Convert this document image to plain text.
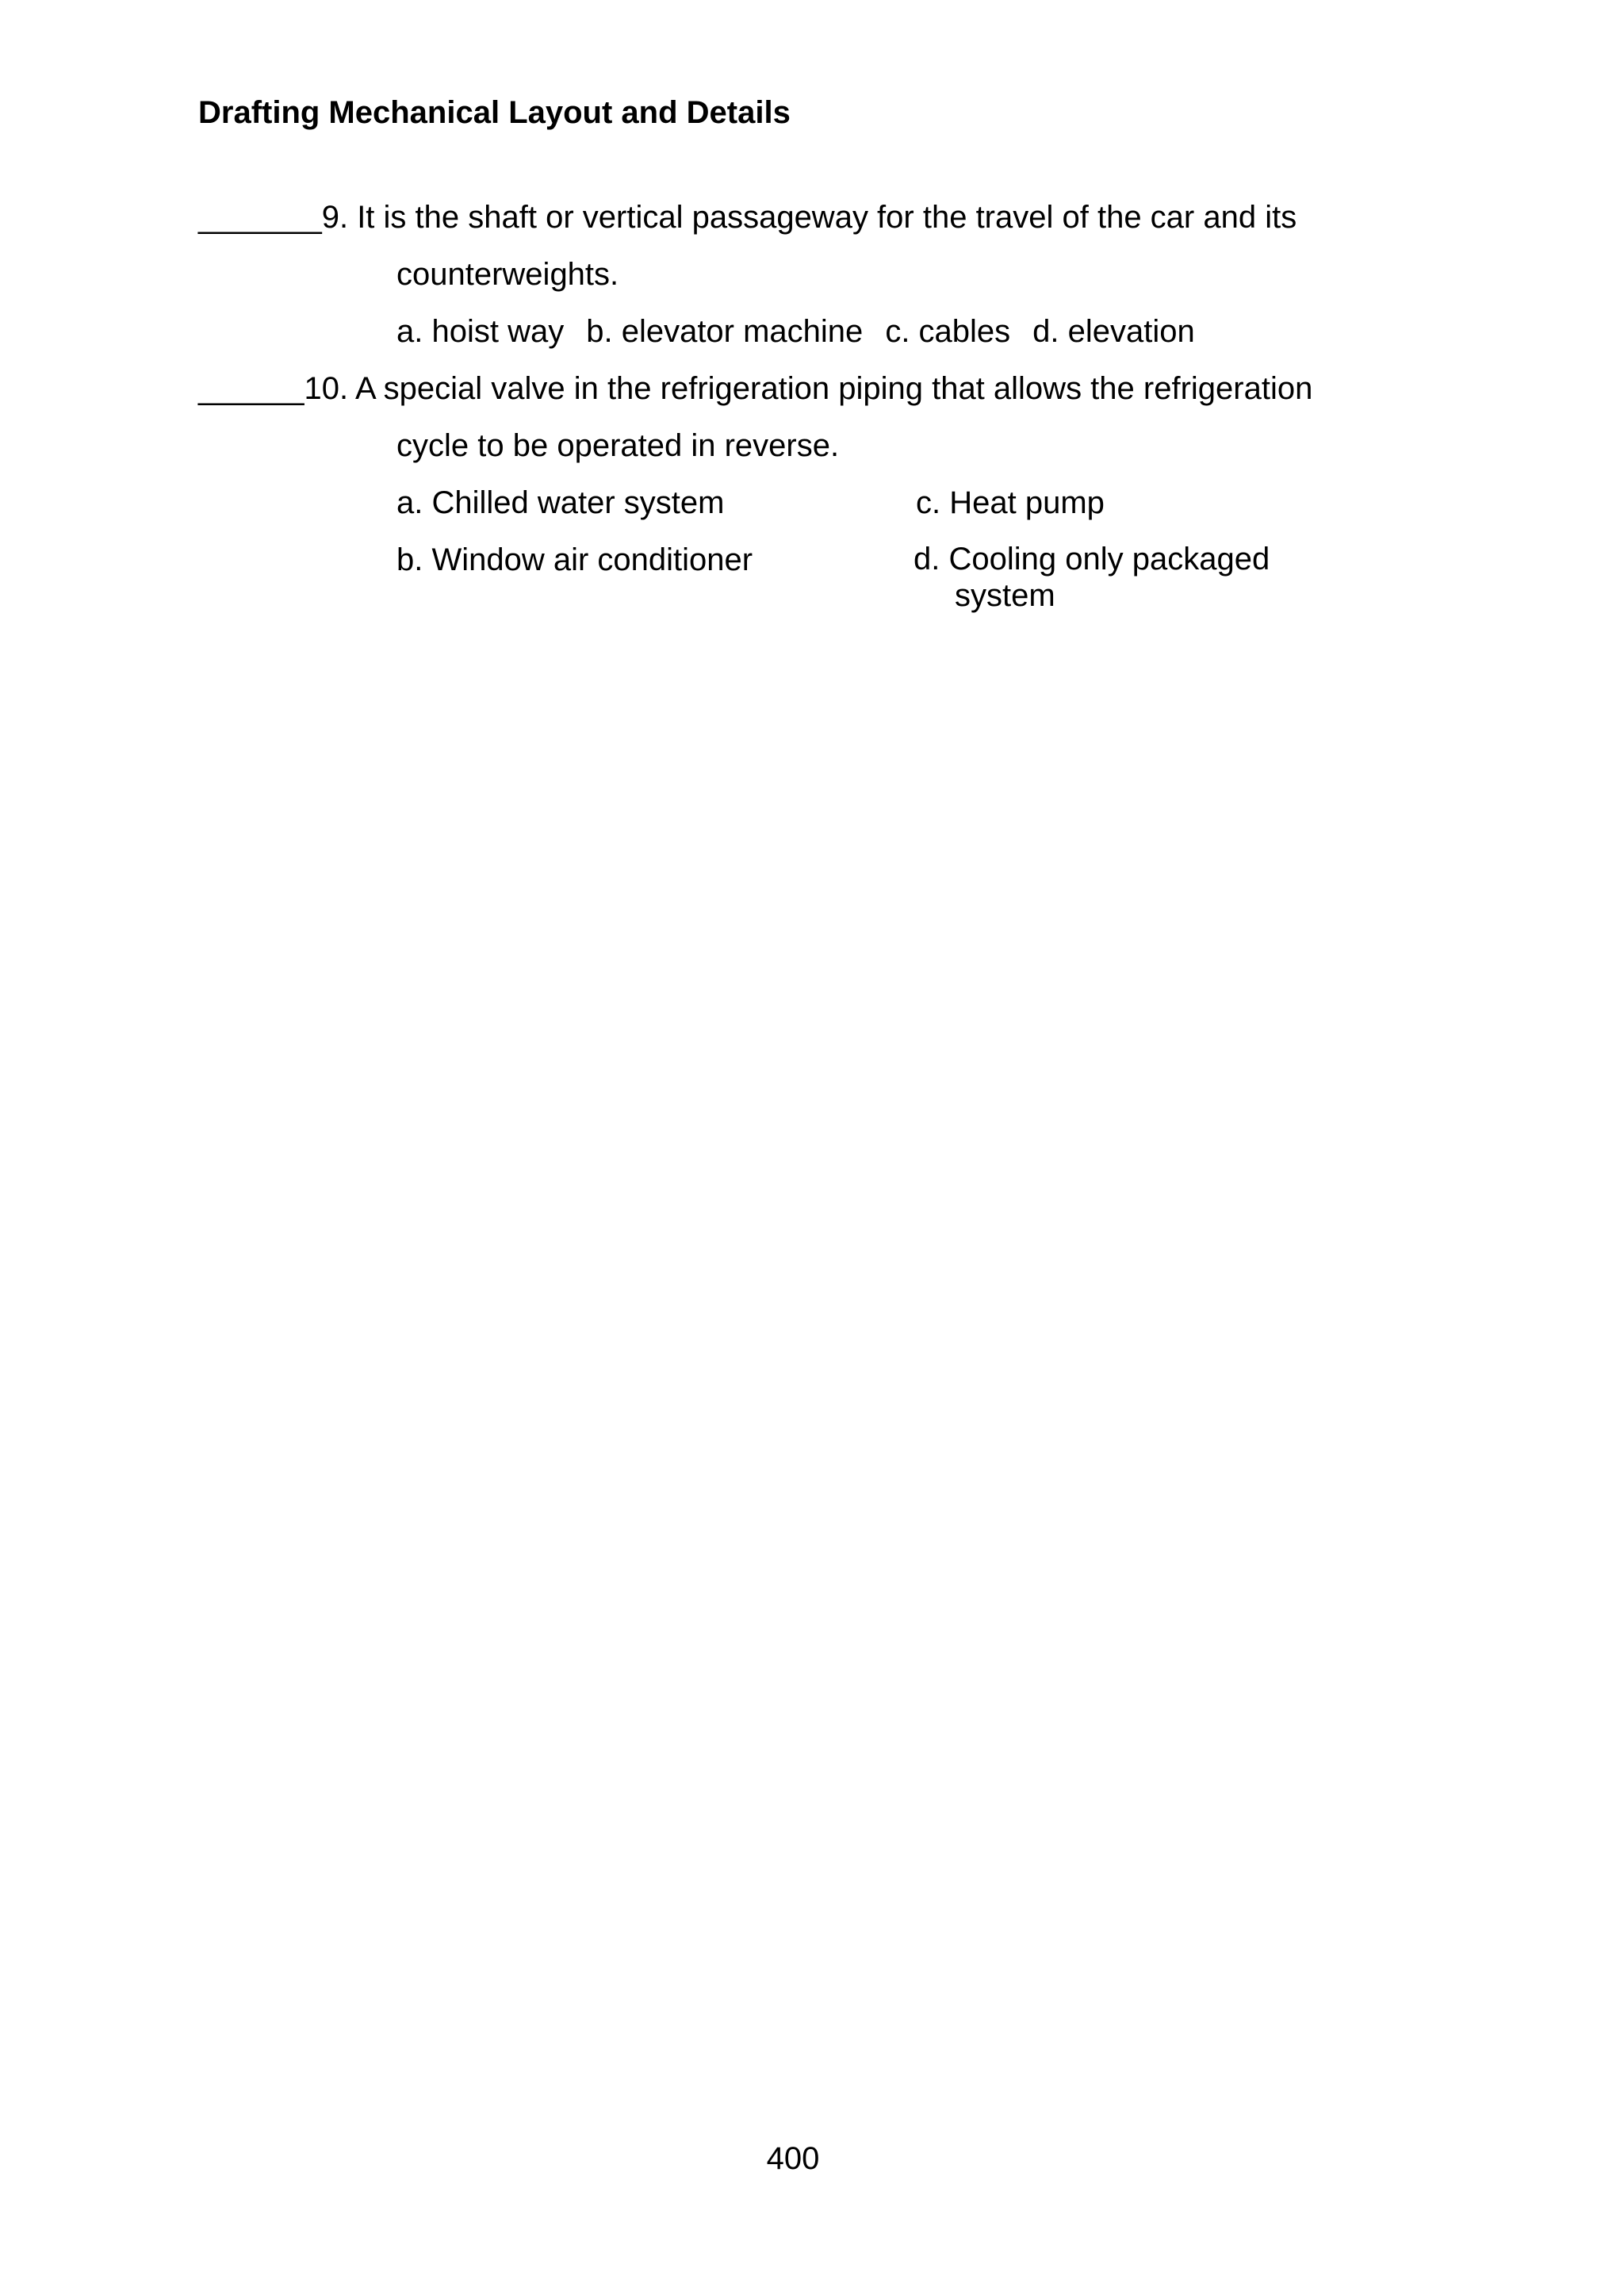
Drafting Mechanical Layout and Details
_______9. It is the shaft or vertical passageway for the travel of the car and its
counterweights.
a. hoist way b. elevator machine c. cables d. elevation
______10. A special valve in the refrigeration piping that allows the refrigeration
cycle to be operated in reverse.
a. Chilled water system	c. Heat pump
b. Window air conditioner	d. Cooling only packaged
system
400
